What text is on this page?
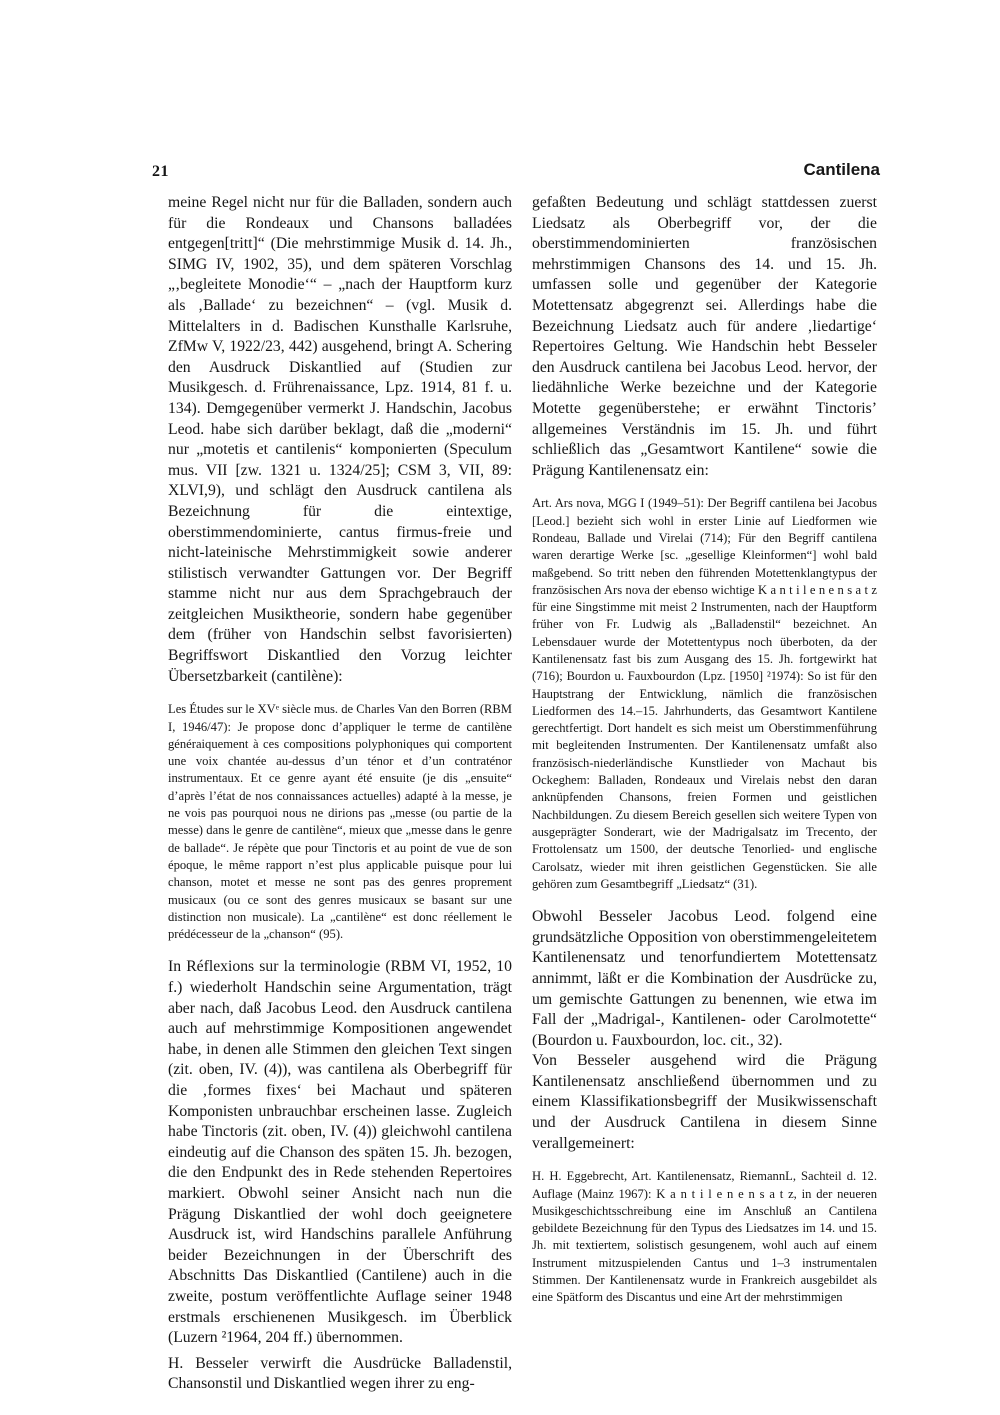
21	Cantilena

meine Regel nicht nur für die Balladen, sondern auch für die Rondeaux und Chansons balladées entgegen[tritt]“ (Die mehrstimmige Musik d. 14. Jh., SIMG IV, 1902, 35), und dem späteren Vorschlag „‚begleitete Monodie‘“ – „nach der Hauptform kurz als ‚Ballade‘ zu bezeichnen“ – (vgl. Musik d. Mittelalters in d. Badischen Kunsthalle Karlsruhe, ZfMw V, 1922/23, 442) ausgehend, bringt A. Schering den Ausdruck Diskantlied auf (Studien zur Musikgesch. d. Frührenaissance, Lpz. 1914, 81 f. u. 134). Demgegenüber vermerkt J. Handschin, Jacobus Leod. habe sich darüber beklagt, daß die „moderni“ nur „motetis et cantilenis“ komponierten (Speculum mus. VII [zw. 1321 u. 1324/25]; CSM 3, VII, 89: XLVI,9), und schlägt den Ausdruck cantilena als Bezeichnung für die eintextige, oberstimmendominierte, cantus firmus-freie und nicht-lateinische Mehrstimmigkeit sowie anderer stilistisch verwandter Gattungen vor. Der Begriff stamme nicht nur aus dem Sprachgebrauch der zeitgleichen Musiktheorie, sondern habe gegenüber dem (früher von Handschin selbst favorisierten) Begriffswort Diskantlied den Vorzug leichter Übersetzbarkeit (cantilène):

Les Études sur le XVᵉ siècle mus. de Charles Van den Borren (RBM I, 1946/47): Je propose donc d’appliquer le terme de cantilène généraiquement à ces compositions polyphoniques qui comportent une voix chantée au-dessus d’un ténor et d’un contraténor instrumentaux. Et ce genre ayant été ensuite (je dis „ensuite“ d’après l’état de nos connaissances actuelles) adapté à la messe, je ne vois pas pourquoi nous ne dirions pas „messe (ou partie de la messe) dans le genre de cantilène“, mieux que „messe dans le genre de ballade“. Je répète que pour Tinctoris et au point de vue de son époque, le même rapport n’est plus applicable puisque pour lui chanson, motet et messe ne sont pas des genres proprement musicaux (ou ce sont des genres musicaux se basant sur une distinction non musicale). La „cantilène“ est donc réellement le prédécesseur de la „chanson“ (95).

In Réflexions sur la terminologie (RBM VI, 1952, 10 f.) wiederholt Handschin seine Argumentation, trägt aber nach, daß Jacobus Leod. den Ausdruck cantilena auch auf mehrstimmige Kompositionen angewendet habe, in denen alle Stimmen den gleichen Text singen (zit. oben, IV. (4)), was cantilena als Oberbegriff für die ‚formes fixes‘ bei Machaut und späteren Komponisten unbrauchbar erscheinen lasse. Zugleich habe Tinctoris (zit. oben, IV. (4)) gleichwohl cantilena eindeutig auf die Chanson des späten 15. Jh. bezogen, die den Endpunkt des in Rede stehenden Repertoires markiert. Obwohl seiner Ansicht nach nun die Prägung Diskantlied der wohl doch geeignetere Ausdruck ist, wird Handschins parallele Anführung beider Bezeichnungen in der Überschrift des Abschnitts Das Diskantlied (Cantilene) auch in die zweite, postum veröffentlichte Auflage seiner 1948 erstmals erschienenen Musikgesch. im Überblick (Luzern ²1964, 204 ff.) übernommen.

H. Besseler verwirft die Ausdrücke Balladenstil, Chansonstil und Diskantlied wegen ihrer zu eng-

gefaßten Bedeutung und schlägt stattdessen zuerst Liedsatz als Oberbegriff vor, der die oberstimmendominierten französischen mehrstimmigen Chansons des 14. und 15. Jh. umfassen solle und gegenüber der Kategorie Motettensatz abgegrenzt sei. Allerdings habe die Bezeichnung Liedsatz auch für andere ‚liedartige‘ Repertoires Geltung. Wie Handschin hebt Besseler den Ausdruck cantilena bei Jacobus Leod. hervor, der liedähnliche Werke bezeichne und der Kategorie Motette gegenüberstehe; er erwähnt Tinctoris’ allgemeines Verständnis im 15. Jh. und führt schließlich das „Gesamtwort Kantilene“ sowie die Prägung Kantilenensatz ein:

Art. Ars nova, MGG I (1949–51): Der Begriff cantilena bei Jacobus [Leod.] bezieht sich wohl in erster Linie auf Liedformen wie Rondeau, Ballade und Virelai (714); Für den Begriff cantilena waren derartige Werke [sc. „gesellige Kleinformen“] wohl bald maßgebend. So tritt neben den führenden Motettenklangtypus der französischen Ars nova der ebenso wichtige K a n t i l e n e n s a t z für eine Singstimme mit meist 2 Instrumenten, nach der Hauptform früher von Fr. Ludwig als „Balladenstil“ bezeichnet. An Lebensdauer wurde der Motettentypus noch überboten, da der Kantilenensatz fast bis zum Ausgang des 15. Jh. fortgewirkt hat (716); Bourdon u. Fauxbourdon (Lpz. [1950] ²1974): So ist für den Hauptstrang der Entwicklung, nämlich die französischen Liedformen des 14.–15. Jahrhunderts, das Gesamtwort Kantilene gerechtfertigt. Dort handelt es sich meist um Oberstimmenführung mit begleitenden Instrumenten. Der Kantilenensatz umfaßt also französisch-niederländische Kunstlieder von Machaut bis Ockeghem: Balladen, Rondeaux und Virelais nebst den daran anknüpfenden Chansons, freien Formen und geistlichen Nachbildungen. Zu diesem Bereich gesellen sich weitere Typen von ausgeprägter Sonderart, wie der Madrigalsatz im Trecento, der Frottolensatz um 1500, der deutsche Tenorlied- und englische Carolsatz, wieder mit ihren geistlichen Gegenstücken. Sie alle gehören zum Gesamtbegriff „Liedsatz“ (31).

Obwohl Besseler Jacobus Leod. folgend eine grundsätzliche Opposition von oberstimmengeleitetem Kantilenensatz und tenorfundiertem Motettensatz annimmt, läßt er die Kombination der Ausdrücke zu, um gemischte Gattungen zu benennen, wie etwa im Fall der „Madrigal-, Kantilenen- oder Carolmotette“ (Bourdon u. Fauxbourdon, loc. cit., 32).

Von Besseler ausgehend wird die Prägung Kantilenensatz anschließend übernommen und zu einem Klassifikationsbegriff der Musikwissenschaft und der Ausdruck Cantilena in diesem Sinne verallgemeinert:

H. H. Eggebrecht, Art. Kantilenensatz, RiemannL, Sachteil d. 12. Auflage (Mainz 1967): K a n t i l e n e n s a t z, in der neueren Musikgeschichtsschreibung eine im Anschluß an Cantilena gebildete Bezeichnung für den Typus des Liedsatzes im 14. und 15. Jh. mit textiertem, solistisch gesungenem, wohl auch auf einem Instrument mitzuspielenden Cantus und 1–3 instrumentalen Stimmen. Der Kantilenensatz wurde in Frankreich ausgebildet als eine Spätform des Discantus und eine Art der mehrstimmigen
